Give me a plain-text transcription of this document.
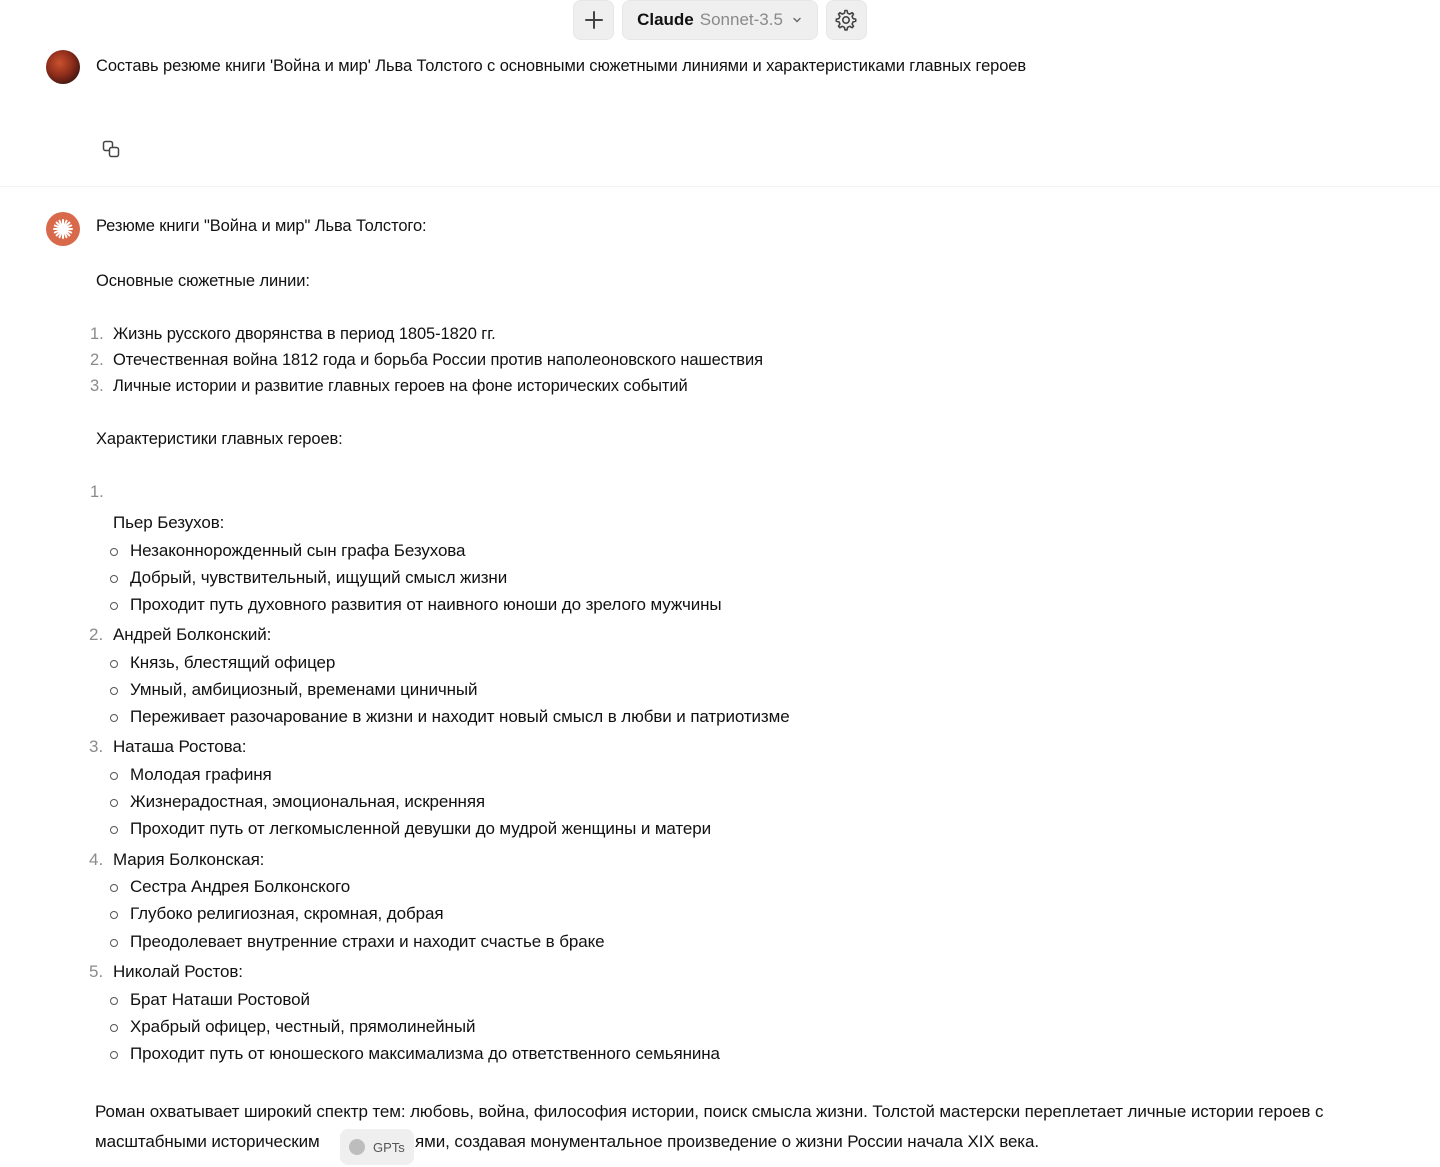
Claude Sonnet-3.5
Составь резюме книги 'Война и мир' Льва Толстого с основными сюжетными линиями и характеристиками главных героев
Резюме книги "Война и мир" Льва Толстого:
Основные сюжетные линии:
1. Жизнь русского дворянства в период 1805-1820 гг.
2. Отечественная война 1812 года и борьба России против наполеоновского нашествия
3. Личные истории и развитие главных героев на фоне исторических событий
Характеристики главных героев:
1.
Пьер Безухов:
Незаконнорожденный сын графа Безухова
Добрый, чувствительный, ищущий смысл жизни
Проходит путь духовного развития от наивного юноши до зрелого мужчины
2. Андрей Болконский:
Князь, блестящий офицер
Умный, амбициозный, временами циничный
Переживает разочарование в жизни и находит новый смысл в любви и патриотизме
3. Наташа Ростова:
Молодая графиня
Жизнерадостная, эмоциональная, искренняя
Проходит путь от легкомысленной девушки до мудрой женщины и матери
4. Мария Болконская:
Сестра Андрея Болконского
Глубоко религиозная, скромная, добрая
Преодолевает внутренние страхи и находит счастье в браке
5. Николай Ростов:
Брат Наташи Ростовой
Храбрый офицер, честный, прямолинейный
Проходит путь от юношеского максимализма до ответственного семьянина
Роман охватывает широкий спектр тем: любовь, война, философия истории, поиск смысла жизни. Толстой мастерски переплетает личные истории героев с
масштабными историческим	ями, создавая монументальное произведение о жизни России начала XIX века.
GPTs
